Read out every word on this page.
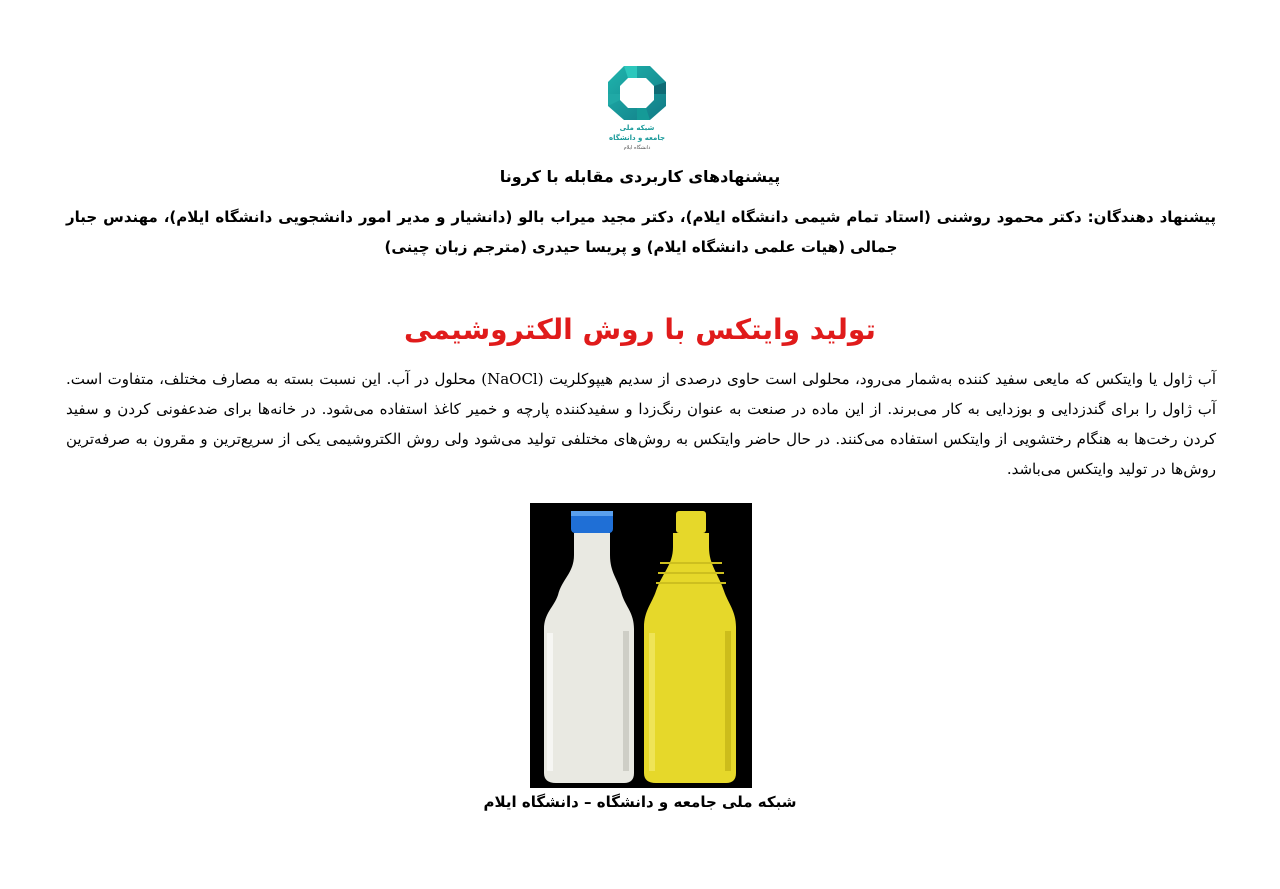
شبکه ملی
جامعه و دانشگاه
دانشگاه ایلام
پیشنهادهای کاربردی مقابله با کرونا
پیشنهاد دهندگان: دکتر محمود روشنی (استاد تمام شیمی دانشگاه ایلام)، دکتر مجید میراب بالو (دانشیار و مدیر امور دانشجویی دانشگاه ایلام)، مهندس جبار جمالی (هیات علمی دانشگاه ایلام) و پریسا حیدری (مترجم زبان چینی)
تولید وایتکس با روش الکتروشیمی

آب ژاول یا وایتکس که مایعی سفید کننده به‌شمار می‌رود، محلولی است حاوی درصدی از سدیم هیپوکلریت (NaOCl) محلول در آب. این نسبت بسته به مصارف مختلف، متفاوت است. آب ژاول را برای گندزدایی و بوزدایی به کار می‌برند. از این ماده در صنعت به عنوان رنگ‌زدا و سفیدکننده پارچه و خمیر کاغذ استفاده می‌شود. در خانه‌ها برای ضدعفونی کردن و سفید کردن رخت‌ها به هنگام رختشویی از وایتکس استفاده می‌کنند. در حال حاضر وایتکس به روش‌های مختلفی تولید می‌شود ولی روش الکتروشیمی یکی از سریع‌ترین و مقرون به صرفه‌ترین روش‌ها در تولید وایتکس می‌باشد.

شبکه ملی جامعه و دانشگاه – دانشگاه ایلام
